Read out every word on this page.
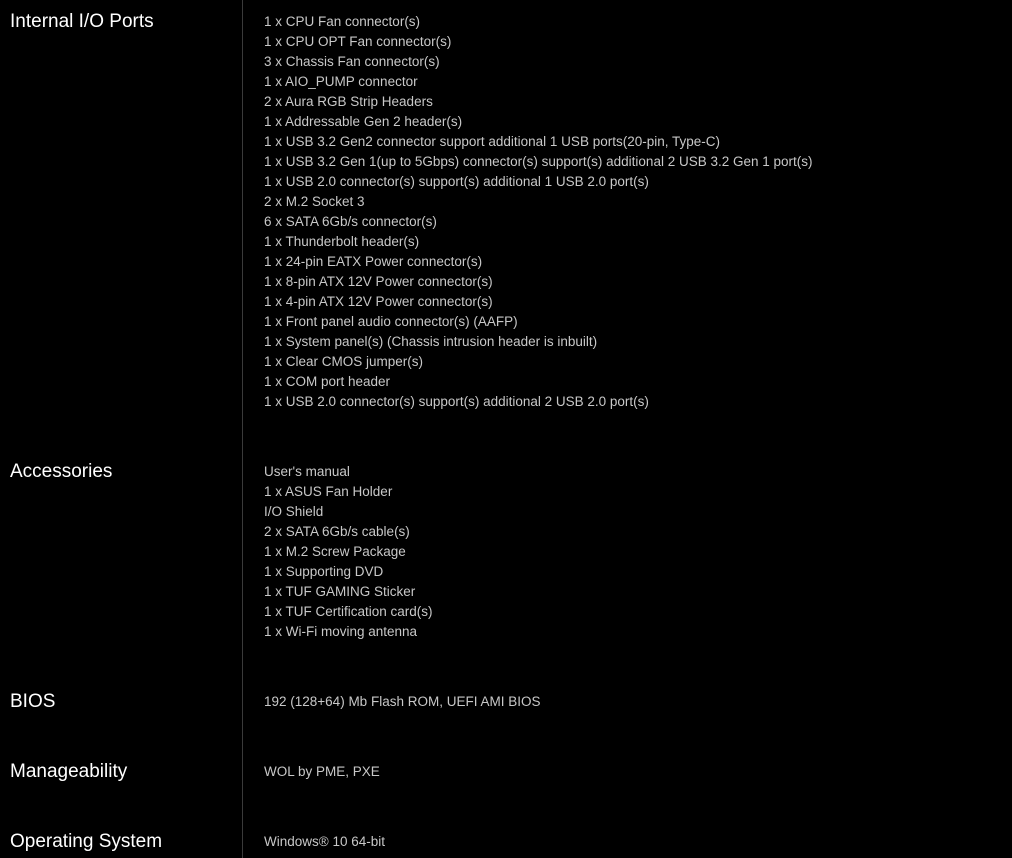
Internal I/O Ports	1 x CPU Fan connector(s)
1 x CPU OPT Fan connector(s)
3 x Chassis Fan connector(s)
1 x AIO_PUMP connector
2 x Aura RGB Strip Headers
1 x Addressable Gen 2 header(s)
1 x USB 3.2 Gen2 connector support additional 1 USB ports(20-pin, Type-C)
1 x USB 3.2 Gen 1(up to 5Gbps) connector(s) support(s) additional 2 USB 3.2 Gen 1 port(s)
1 x USB 2.0 connector(s) support(s) additional 1 USB 2.0 port(s)
2 x M.2 Socket 3
6 x SATA 6Gb/s connector(s)
1 x Thunderbolt header(s)
1 x 24-pin EATX Power connector(s)
1 x 8-pin ATX 12V Power connector(s)
1 x 4-pin ATX 12V Power connector(s)
1 x Front panel audio connector(s) (AAFP)
1 x System panel(s) (Chassis intrusion header is inbuilt)
1 x Clear CMOS jumper(s)
1 x COM port header
1 x USB 2.0 connector(s) support(s) additional 2 USB 2.0 port(s)
Accessories	User's manual
1 x ASUS Fan Holder
I/O Shield
2 x SATA 6Gb/s cable(s)
1 x M.2 Screw Package
1 x Supporting DVD
1 x TUF GAMING Sticker
1 x TUF Certification card(s)
1 x Wi-Fi moving antenna
BIOS	192 (128+64) Mb Flash ROM, UEFI AMI BIOS
Manageability	WOL by PME, PXE
Operating System	Windows® 10 64-bit
